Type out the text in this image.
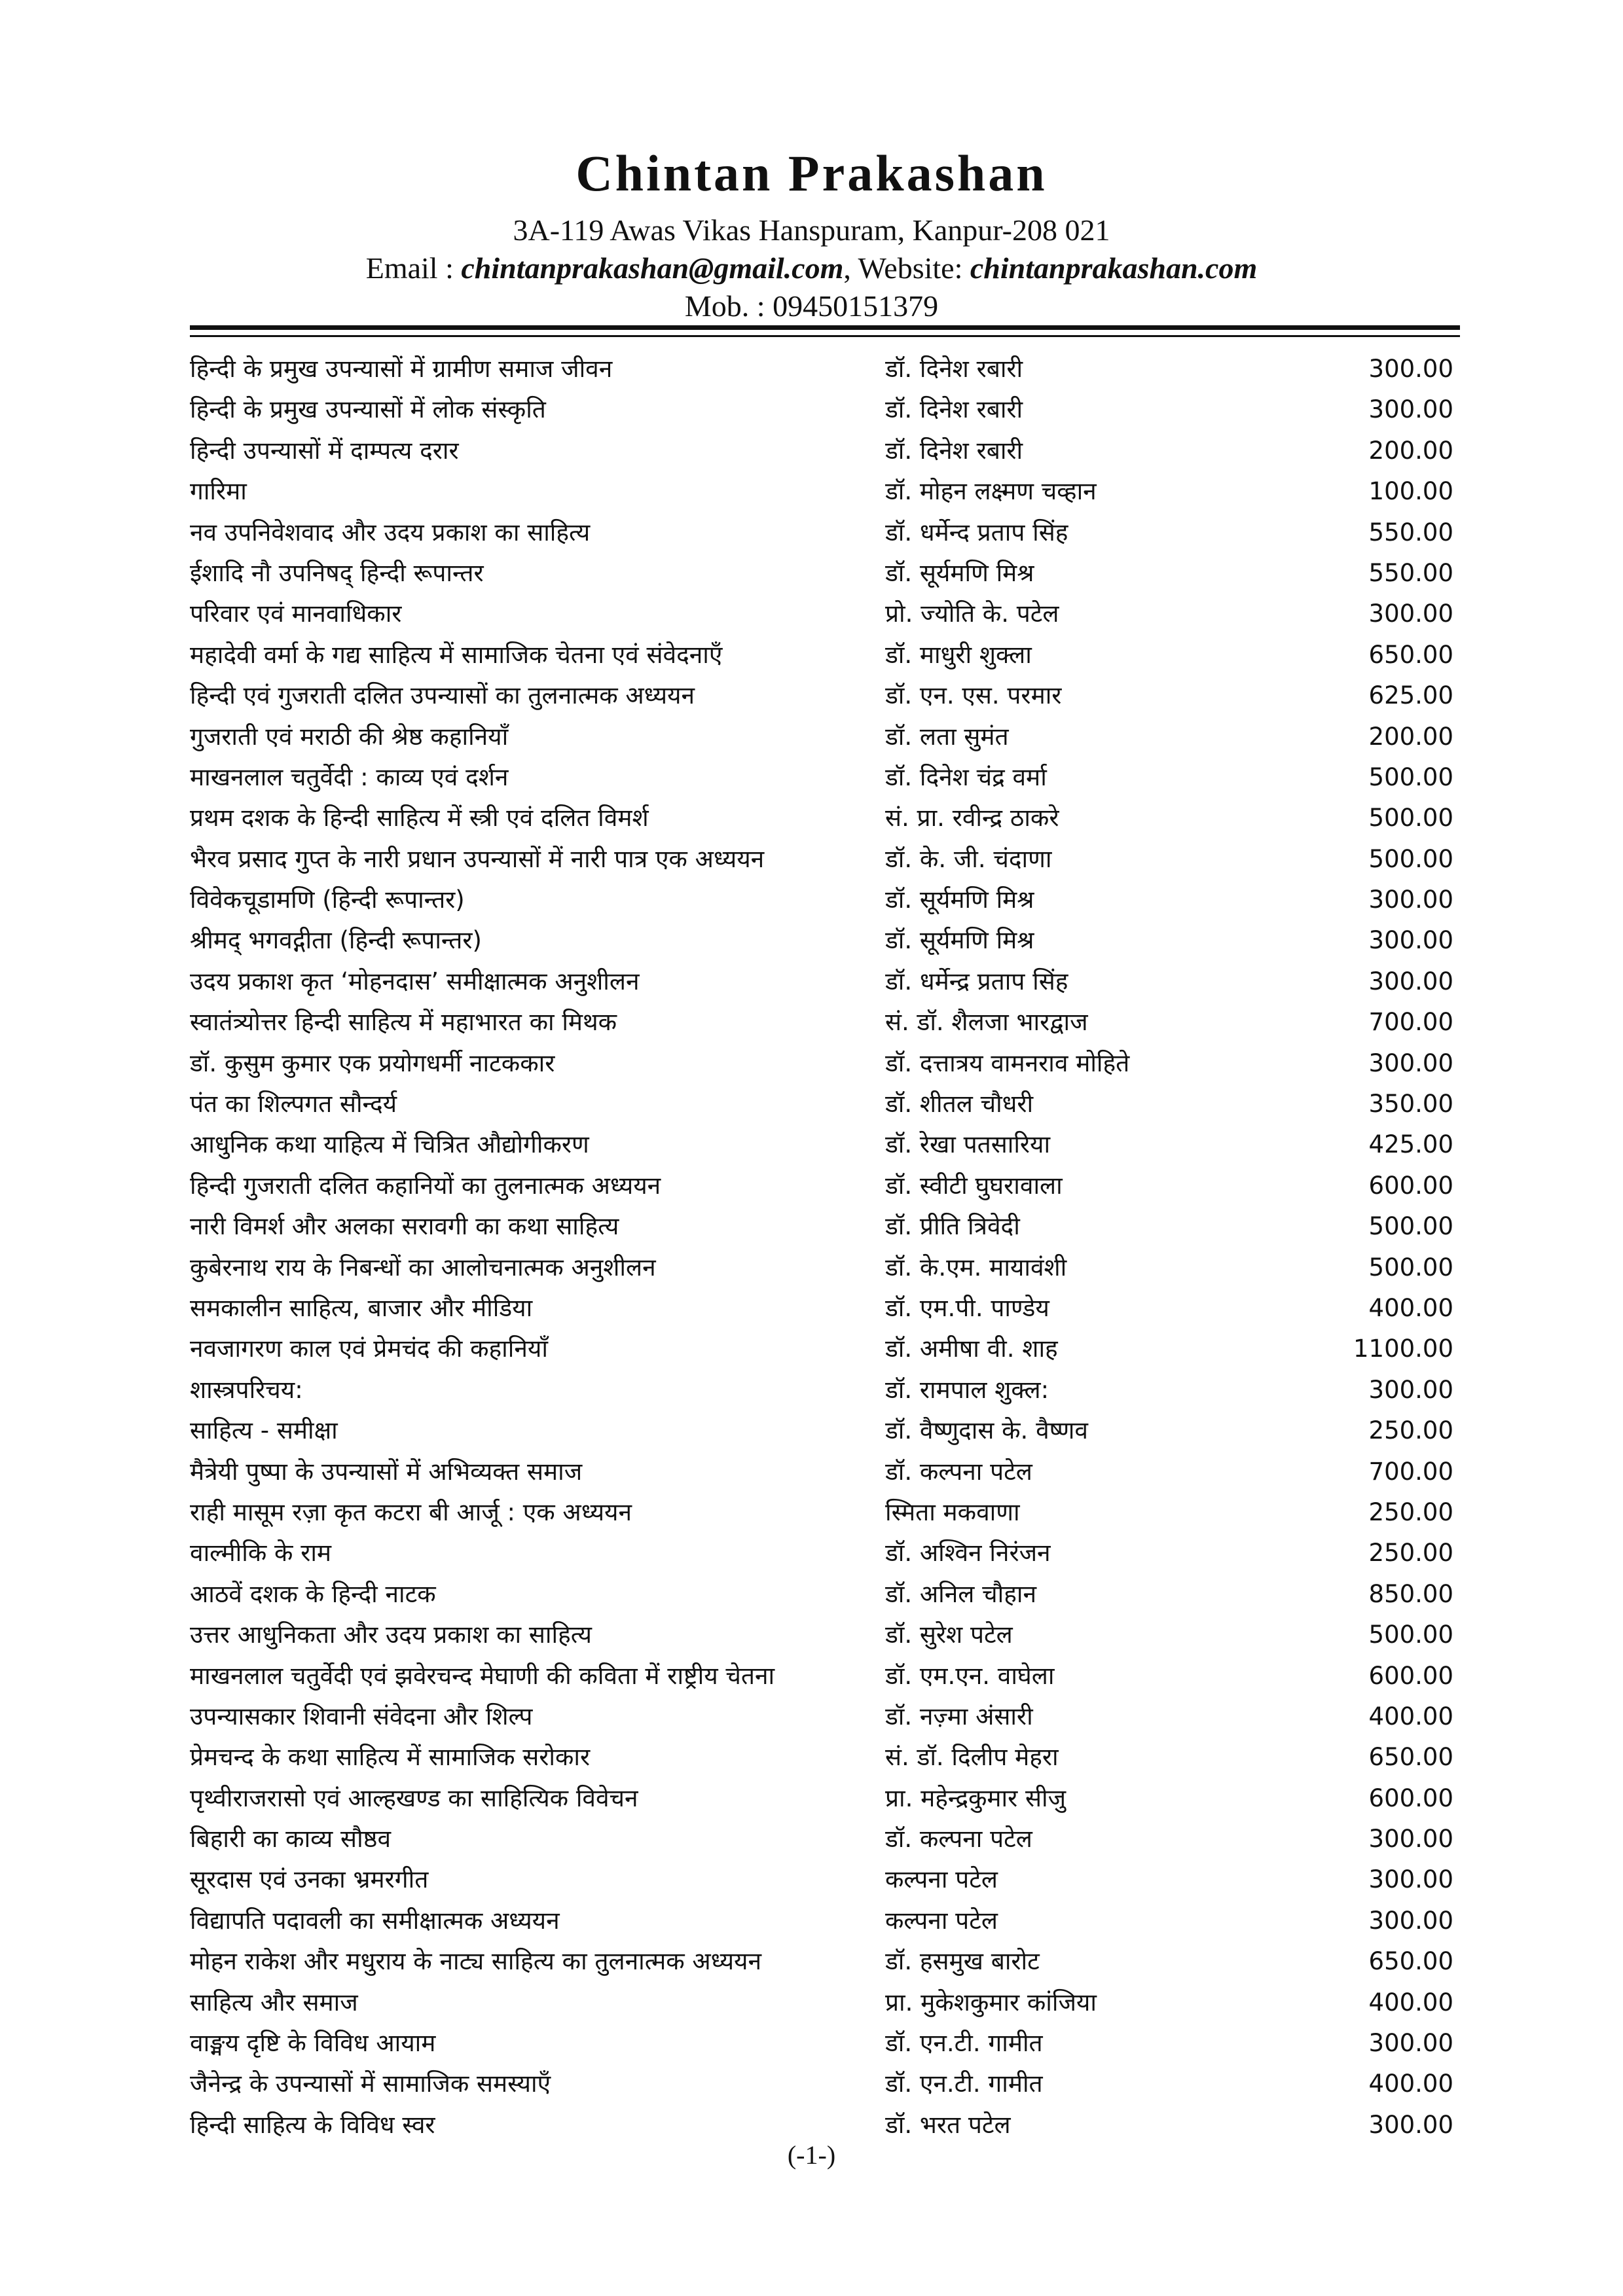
Chintan Prakashan
3A-119 Awas Vikas Hanspuram, Kanpur-208 021
Email : chintanprakashan@gmail.com, Website: chintanprakashan.com
Mob. : 09450151379
हिन्दी के प्रमुख उपन्यासों में ग्रामीण समाज जीवन	डॉ. दिनेश रबारी	300.00
हिन्दी के प्रमुख उपन्यासों में लोक संस्कृति	डॉ. दिनेश रबारी	300.00
हिन्दी उपन्यासों में दाम्पत्य दरार	डॉ. दिनेश रबारी	200.00
गारिमा	डॉ. मोहन लक्ष्मण चव्हान	100.00
नव उपनिवेशवाद और उदय प्रकाश का साहित्य	डॉ. धर्मेन्द प्रताप सिंह	550.00
ईशादि नौ उपनिषद् हिन्दी रूपान्तर	डॉ. सूर्यमणि मिश्र	550.00
परिवार एवं मानवाधिकार	प्रो. ज्योति के. पटेल	300.00
महादेवी वर्मा के गद्य साहित्य में सामाजिक चेतना एवं संवेदनाएँ	डॉ. माधुरी शुक्ला	650.00
हिन्दी एवं गुजराती दलित उपन्यासों का तुलनात्मक अध्ययन	डॉ. एन. एस. परमार	625.00
गुजराती एवं मराठी की श्रेष्ठ कहानियाँ	डॉ. लता सुमंत	200.00
माखनलाल चतुर्वेदी : काव्य एवं दर्शन	डॉ. दिनेश चंद्र वर्मा	500.00
प्रथम दशक के हिन्दी साहित्य में स्त्री एवं दलित विमर्श	सं. प्रा. रवीन्द्र ठाकरे	500.00
भैरव प्रसाद गुप्त के नारी प्रधान उपन्यासों में नारी पात्र एक अध्ययन	डॉ. के. जी. चंदाणा	500.00
विवेकचूडामणि (हिन्दी रूपान्तर)	डॉ. सूर्यमणि मिश्र	300.00
श्रीमद् भगवद्गीता (हिन्दी रूपान्तर)	डॉ. सूर्यमणि मिश्र	300.00
उदय प्रकाश कृत ‘मोहनदास’ समीक्षात्मक अनुशीलन	डॉ. धर्मेन्द्र प्रताप सिंह	300.00
स्वातंत्र्योत्तर हिन्दी साहित्य में महाभारत का मिथक	सं. डॉ. शैलजा भारद्वाज	700.00
डॉ. कुसुम कुमार एक प्रयोगधर्मी नाटककार	डॉ. दत्तात्रय वामनराव मोहिते	300.00
पंत का शिल्पगत सौन्दर्य	डॉ. शीतल चौधरी	350.00
आधुनिक कथा याहित्य में चित्रित औद्योगीकरण	डॉ. रेखा पतसारिया	425.00
हिन्दी गुजराती दलित कहानियों का तुलनात्मक अध्ययन	डॉ. स्वीटी घुघरावाला	600.00
नारी विमर्श और अलका सरावगी का कथा साहित्य	डॉ. प्रीति त्रिवेदी	500.00
कुबेरनाथ राय के निबन्धों का आलोचनात्मक अनुशीलन	डॉ. के.एम. मायावंशी	500.00
समकालीन साहित्य, बाजार और मीडिया	डॉ. एम.पी. पाण्डेय	400.00
नवजागरण काल एवं प्रेमचंद की कहानियाँ	डॉ. अमीषा वी. शाह	1100.00
शास्त्रपरिचय:	डॉ. रामपाल शुक्ल:	300.00
साहित्य - समीक्षा	डॉ. वैष्णुदास के. वैष्णव	250.00
मैत्रेयी पुष्पा के उपन्यासों में अभिव्यक्त समाज	डॉ. कल्पना पटेल	700.00
राही मासूम रज़ा कृत कटरा बी आर्जू : एक अध्ययन	स्मिता मकवाणा	250.00
वाल्मीकि के राम	डॉ. अश्विन निरंजन	250.00
आठवें दशक के हिन्दी नाटक	डॉ. अनिल चौहान	850.00
उत्तर आधुनिकता और उदय प्रकाश का साहित्य	डॉ. सुरेश पटेल	500.00
माखनलाल चतुर्वेदी एवं झवेरचन्द मेघाणी की कविता में राष्ट्रीय चेतना	डॉ. एम.एन. वाघेला	600.00
उपन्यासकार शिवानी संवेदना और शिल्प	डॉ. नज़्मा अंसारी	400.00
प्रेमचन्द के कथा साहित्य में सामाजिक सरोकार	सं. डॉ. दिलीप मेहरा	650.00
पृथ्वीराजरासो एवं आल्हखण्ड का साहित्यिक विवेचन	प्रा. महेन्द्रकुमार सीजु	600.00
बिहारी का काव्य सौष्ठव	डॉ. कल्पना पटेल	300.00
सूरदास एवं उनका भ्रमरगीत	कल्पना पटेल	300.00
विद्यापति पदावली का समीक्षात्मक अध्ययन	कल्पना पटेल	300.00
मोहन राकेश और मधुराय के नाट्य साहित्य का तुलनात्मक अध्ययन	डॉ. हसमुख बारोट	650.00
साहित्य और समाज	प्रा. मुकेशकुमार कांजिया	400.00
वाङ्मय दृष्टि के विविध आयाम	डॉ. एन.टी. गामीत	300.00
जैनेन्द्र के उपन्यासों में सामाजिक समस्याएँ	डॉ. एन.टी. गामीत	400.00
हिन्दी साहित्य के विविध स्वर	डॉ. भरत पटेल	300.00
(-1-)
